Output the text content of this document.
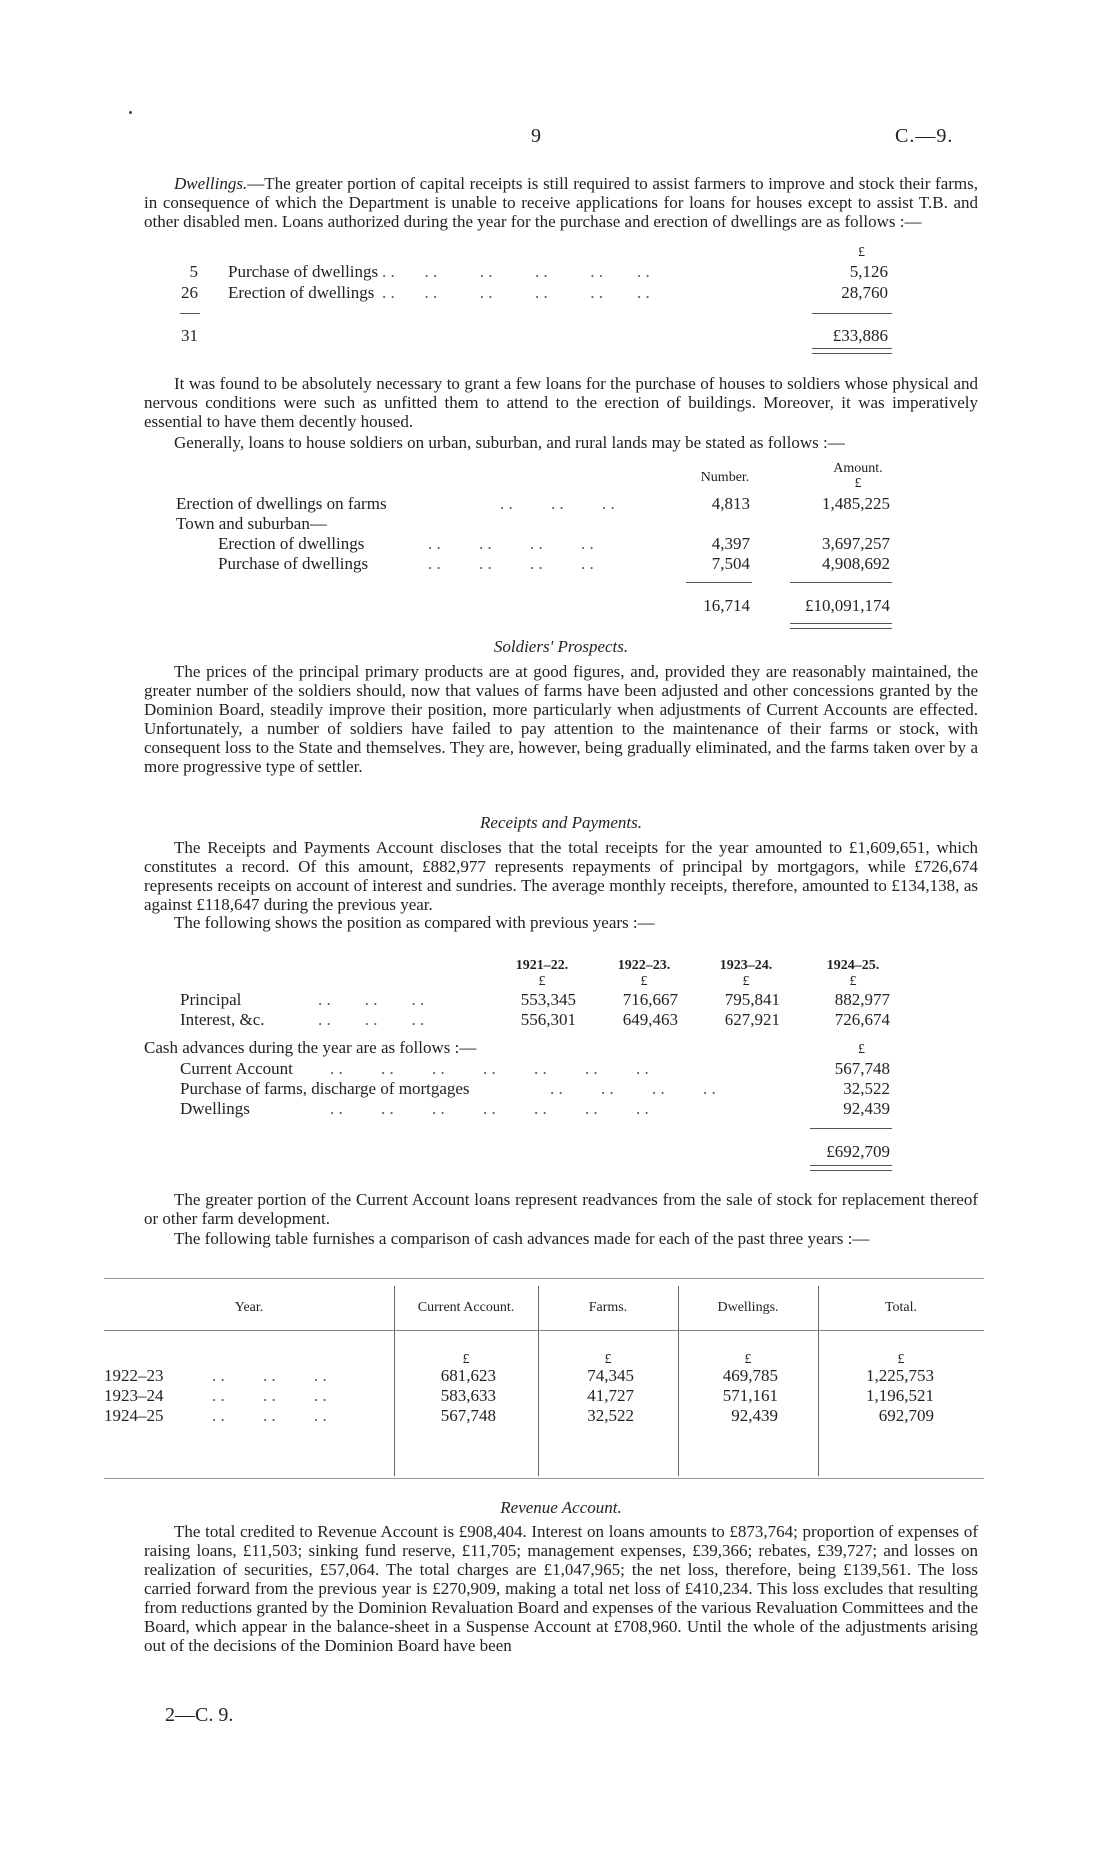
9	C.—9.
Dwellings.—The greater portion of capital receipts is still required to assist farmers to improve and stock their farms, in consequence of which the Department is unable to receive applications for loans for houses except to assist T.B. and other disabled men. Loans authorized during the year for the purchase and erection of dwellings are as follows :—
£
5 Purchase of dwellings . .       . .          . .          . .          . .        . .	5,126
26 Erection of dwellings . .       . .          . .          . .          . .        . .	28,760
31	£33,886
It was found to be absolutely necessary to grant a few loans for the purchase of houses to soldiers whose physical and nervous conditions were such as unfitted them to attend to the erection of buildings. Moreover, it was imperatively essential to have them decently housed.
Generally, loans to house soldiers on urban, suburban, and rural lands may be stated as follows :—
Number.
Amount.
£
Erection of dwellings on farms	. .         . .         . .	4,813	1,485,225
Town and suburban—
Erection of dwellings	. .         . .         . .         . .	4,397	3,697,257
Purchase of dwellings	. .         . .         . .         . .	7,504	4,908,692
16,714	£10,091,174
Soldiers' Prospects.
The prices of the principal primary products are at good figures, and, provided they are reasonably maintained, the greater number of the soldiers should, now that values of farms have been adjusted and other concessions granted by the Dominion Board, steadily improve their position, more particularly when adjustments of Current Accounts are effected. Unfortunately, a number of soldiers have failed to pay attention to the maintenance of their farms or stock, with consequent loss to the State and themselves. They are, however, being gradually eliminated, and the farms taken over by a more progressive type of settler.
Receipts and Payments.
The Receipts and Payments Account discloses that the total receipts for the year amounted to £1,609,651, which constitutes a record. Of this amount, £882,977 represents repayments of principal by mortgagors, while £726,674 represents receipts on account of interest and sundries. The average monthly receipts, therefore, amounted to £134,138, as against £118,647 during the previous year.
The following shows the position as compared with previous years :—
1921–22.	1922–23.	1923–24.	1924–25.
£	£	£	£
Principal	. .        . .        . .	553,345	716,667	795,841	882,977
Interest, &c.	. .        . .        . .	556,301	649,463	627,921	726,674
Cash advances during the year are as follows :—	£
Current Account . .         . .         . .         . .         . .         . .         . .	567,748
Purchase of farms, discharge of mortgages	. .         . .         . .         . .	32,522
Dwellings	. .         . .         . .         . .         . .         . .         . .	92,439
£692,709
The greater portion of the Current Account loans represent readvances from the sale of stock for replacement thereof or other farm development.
The following table furnishes a comparison of cash advances made for each of the past three years :—
Year.	Current Account.	Farms.	Dwellings.	Total.
£	£	£	£
1922–23	. .         . .         . .	681,623	74,345	469,785	1,225,753
1923–24	. .         . .         . .	583,633	41,727	571,161	1,196,521
1924–25	. .         . .         . .	567,748	32,522	92,439	692,709
Revenue Account.
The total credited to Revenue Account is £908,404. Interest on loans amounts to £873,764; proportion of expenses of raising loans, £11,503; sinking fund reserve, £11,705; management expenses, £39,366; rebates, £39,727; and losses on realization of securities, £57,064. The total charges are £1,047,965; the net loss, therefore, being £139,561. The loss carried forward from the previous year is £270,909, making a total net loss of £410,234. This loss excludes that resulting from reductions granted by the Dominion Revaluation Board and expenses of the various Revaluation Committees and the Board, which appear in the balance-sheet in a Suspense Account at £708,960. Until the whole of the adjustments arising out of the decisions of the Dominion Board have been
2—C. 9.
